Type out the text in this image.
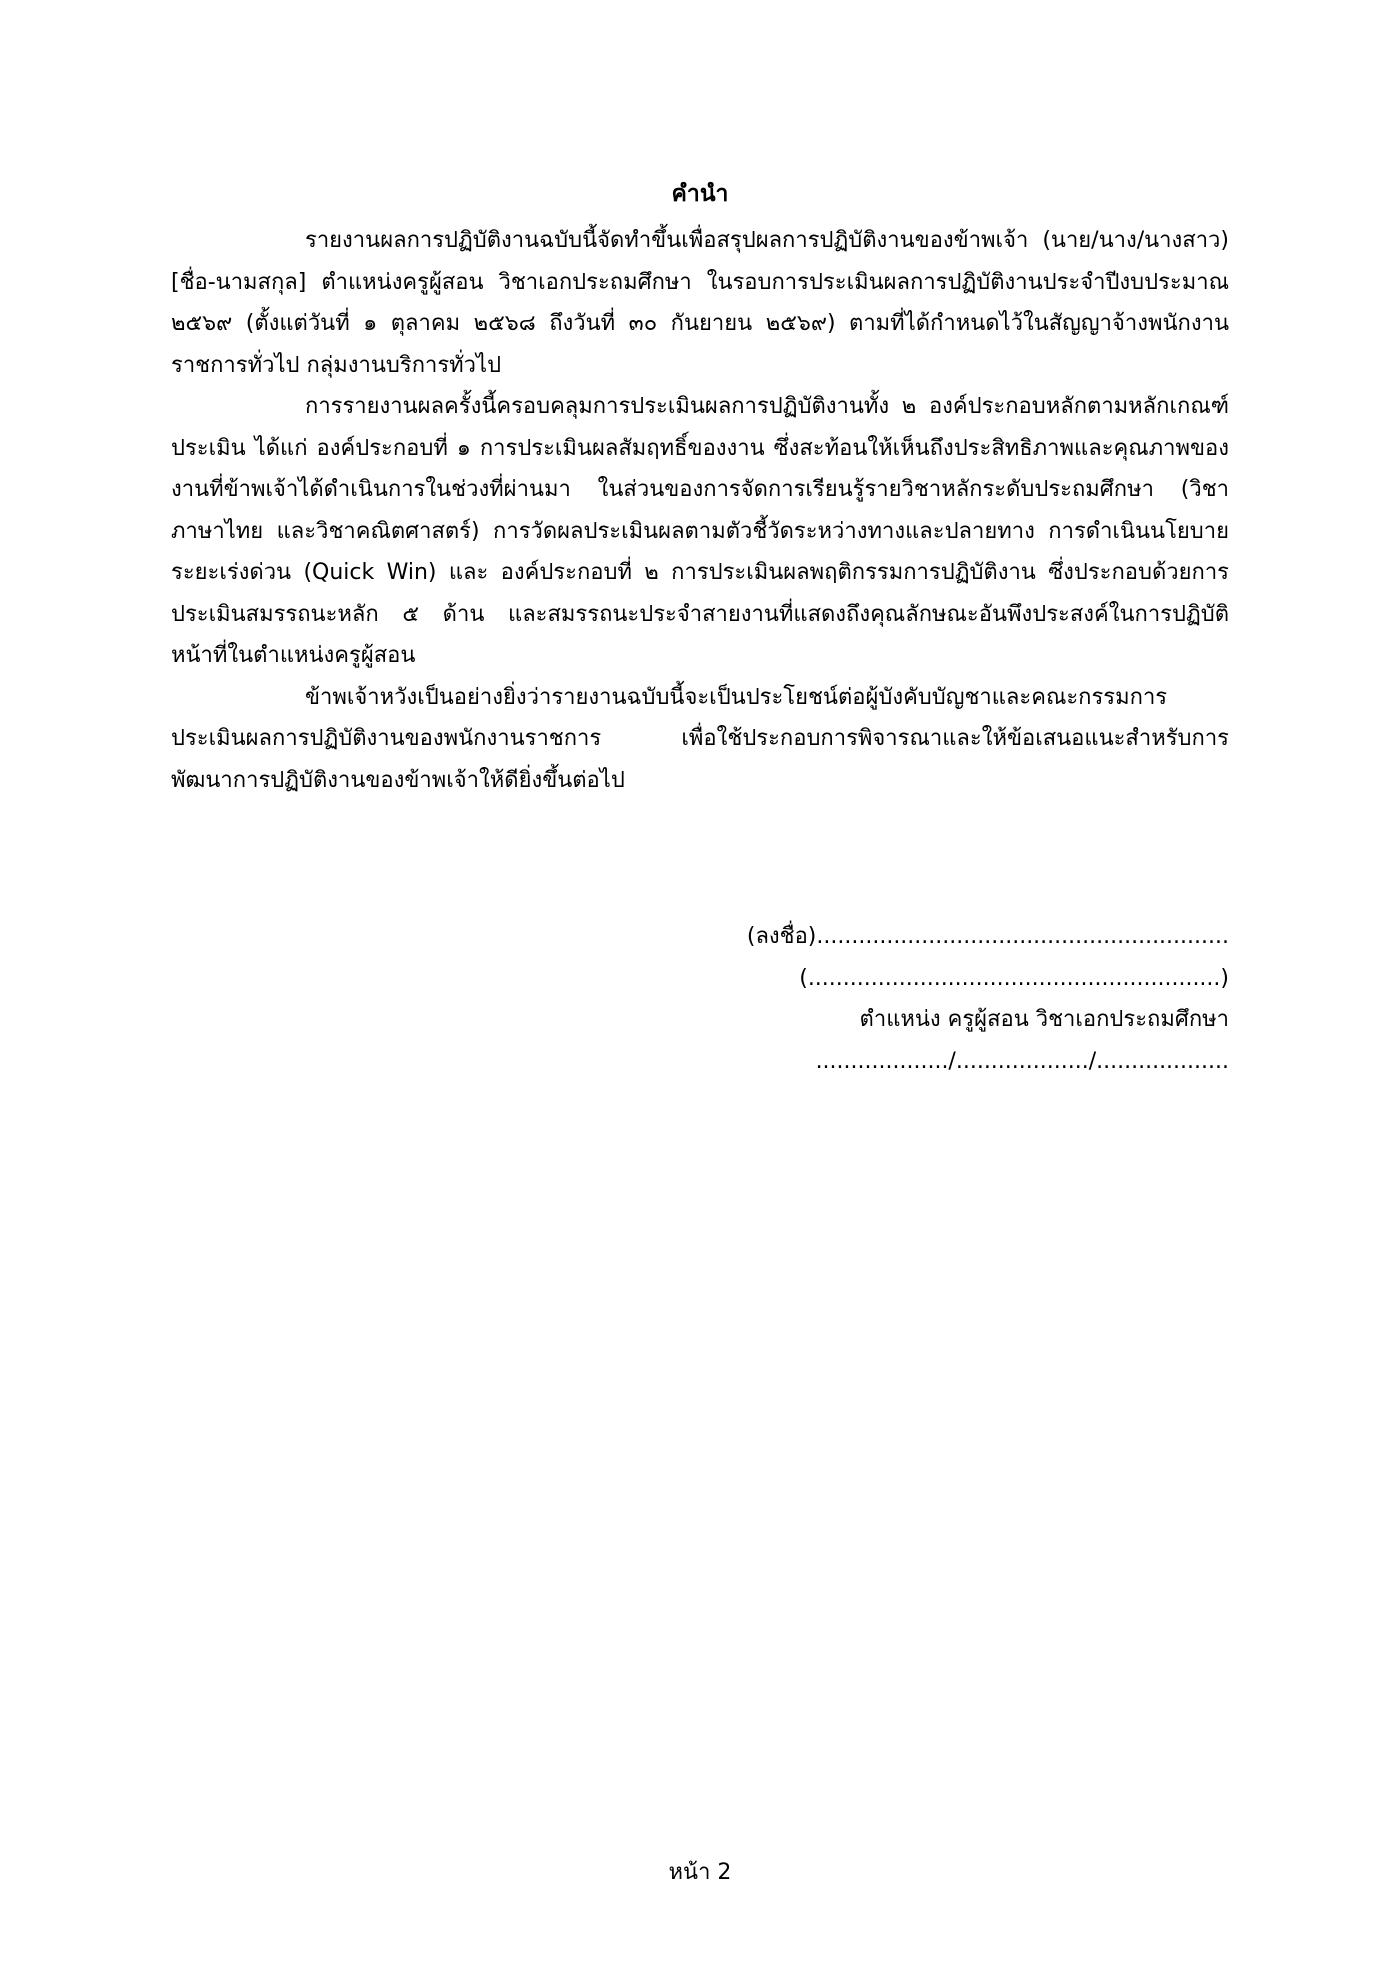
คำนำ

รายงานผลการปฏิบัติงานฉบับนี้จัดทำขึ้นเพื่อสรุปผลการปฏิบัติงานของข้าพเจ้า (นาย/นาง/นางสาว) [ชื่อ-นามสกุล] ตำแหน่งครูผู้สอน วิชาเอกประถมศึกษา ในรอบการประเมินผลการปฏิบัติงานประจำปีงบประมาณ ๒๕๖๙ (ตั้งแต่วันที่ ๑ ตุลาคม ๒๕๖๘ ถึงวันที่ ๓๐ กันยายน ๒๕๖๙) ตามที่ได้กำหนดไว้ในสัญญาจ้างพนักงานราชการทั่วไป กลุ่มงานบริการทั่วไป

การรายงานผลครั้งนี้ครอบคลุมการประเมินผลการปฏิบัติงานทั้ง ๒ องค์ประกอบหลักตามหลักเกณฑ์ประเมิน ได้แก่ องค์ประกอบที่ ๑ การประเมินผลสัมฤทธิ์ของงาน ซึ่งสะท้อนให้เห็นถึงประสิทธิภาพและคุณภาพของงานที่ข้าพเจ้าได้ดำเนินการในช่วงที่ผ่านมา ในส่วนของการจัดการเรียนรู้รายวิชาหลักระดับประถมศึกษา (วิชาภาษาไทย และวิชาคณิตศาสตร์) การวัดผลประเมินผลตามตัวชี้วัดระหว่างทางและปลายทาง การดำเนินนโยบายระยะเร่งด่วน (Quick Win) และ องค์ประกอบที่ ๒ การประเมินผลพฤติกรรมการปฏิบัติงาน ซึ่งประกอบด้วยการประเมินสมรรถนะหลัก ๕ ด้าน และสมรรถนะประจำสายงานที่แสดงถึงคุณลักษณะอันพึงประสงค์ในการปฏิบัติหน้าที่ในตำแหน่งครูผู้สอน

ข้าพเจ้าหวังเป็นอย่างยิ่งว่ารายงานฉบับนี้จะเป็นประโยชน์ต่อผู้บังคับบัญชาและคณะกรรมการประเมินผลการปฏิบัติงานของพนักงานราชการ เพื่อใช้ประกอบการพิจารณาและให้ข้อเสนอแนะสำหรับการพัฒนาการปฏิบัติงานของข้าพเจ้าให้ดียิ่งขึ้นต่อไป

(ลงชื่อ)...........................................................
(...........................................................)
ตำแหน่ง ครูผู้สอน วิชาเอกประถมศึกษา
.................../.................../...................
หน้า 2
